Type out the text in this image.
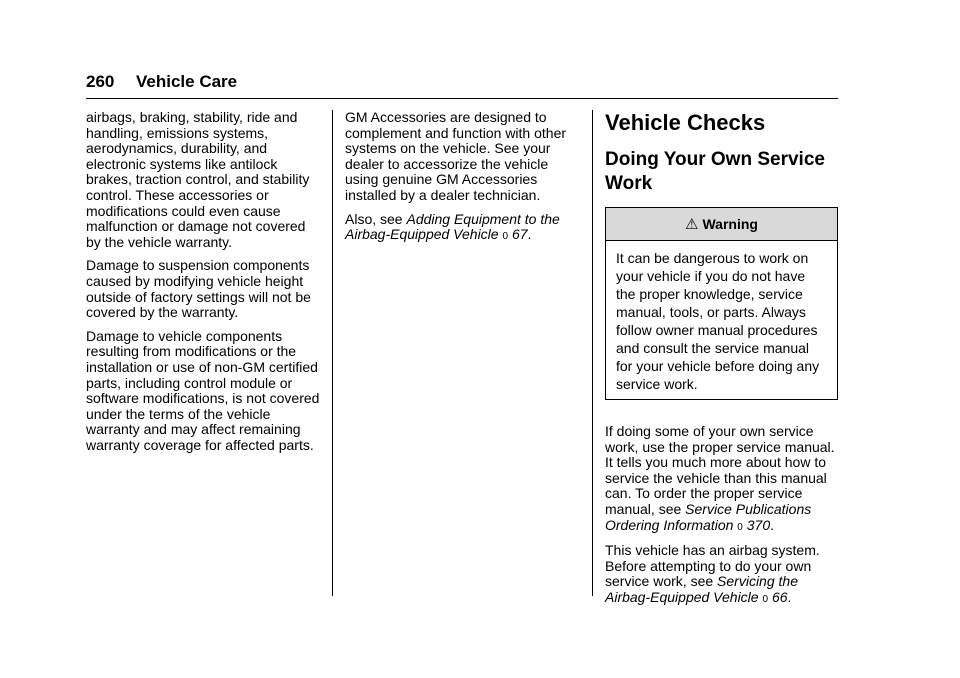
260 Vehicle Care

airbags, braking, stability, ride and handling, emissions systems, aerodynamics, durability, and electronic systems like antilock brakes, traction control, and stability control. These accessories or modifications could even cause malfunction or damage not covered by the vehicle warranty.

Damage to suspension components caused by modifying vehicle height outside of factory settings will not be covered by the warranty.

Damage to vehicle components resulting from modifications or the installation or use of non-GM certified parts, including control module or software modifications, is not covered under the terms of the vehicle warranty and may affect remaining warranty coverage for affected parts.

GM Accessories are designed to complement and function with other systems on the vehicle. See your dealer to accessorize the vehicle using genuine GM Accessories installed by a dealer technician.

Also, see Adding Equipment to the Airbag-Equipped Vehicle 0 67.

Vehicle Checks
Doing Your Own Service Work
⚠ Warning
It can be dangerous to work on your vehicle if you do not have the proper knowledge, service manual, tools, or parts. Always follow owner manual procedures and consult the service manual for your vehicle before doing any service work.

If doing some of your own service work, use the proper service manual. It tells you much more about how to service the vehicle than this manual can. To order the proper service manual, see Service Publications Ordering Information 0 370.

This vehicle has an airbag system. Before attempting to do your own service work, see Servicing the Airbag-Equipped Vehicle 0 66.
